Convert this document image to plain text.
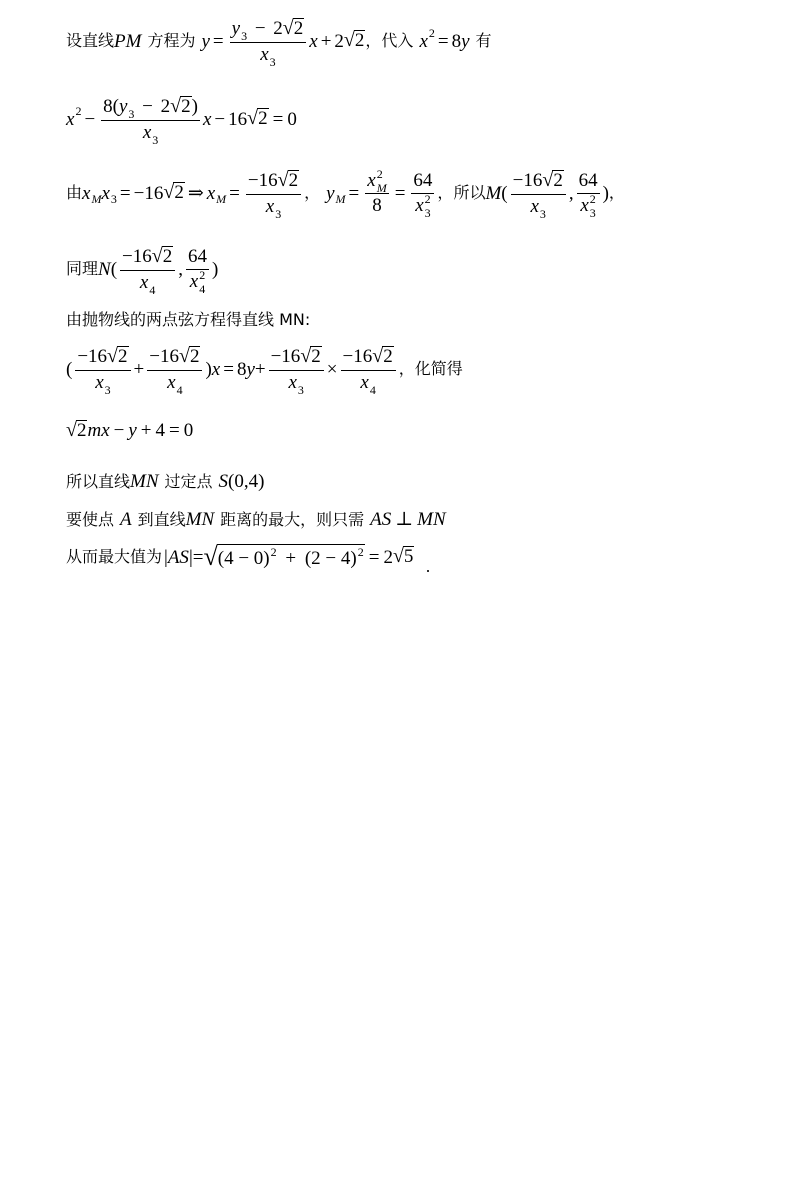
设直线 PM 方程为 $y = \frac{y_3 - 2 √ 2}{x_3}$ x + 2 √ 2 ， 代入 x 2 = 8 y 有
x $2 - \frac{8(y_3 - 2 √ 2 )}{x_3}$ x − 16 √ 2 = 0
由 x M x 3 = −16 √ 2 ⇒ x $M = \frac{-16 √ 2}{x_3}$ ， y $M = \frac{x^2_M}{8} = \frac{64}{x^2_3}$ ， 所以 M ( $\frac{-16 √ 2}{x_3}$ , $\frac{64}{x^2_3}$ ) ，
同理 N ( $\frac{-16 √ 2}{x_4}$ , $\frac{64}{x^2_4}$ )
由抛物线的两点弦方程得直线 MN:
( $\frac{-16 √ 2}{x_3} + \frac{-16 √ 2}{x_4}$ ) x = 8 $y + \frac{-16 √ 2}{x_3} \times \frac{-16 √ 2}{x_4}$ ， 化简得
√ 2 mx − y + 4 = 0
所以直线 MN 过定点 S (0,4)
要使点 A 到直线 MN 距离的最大，则只需 AS ⊥ MN
从而最大值为 | AS |= √ $(4 - 0)^2 + (2 - 4)^2 = 2$ √ 5
